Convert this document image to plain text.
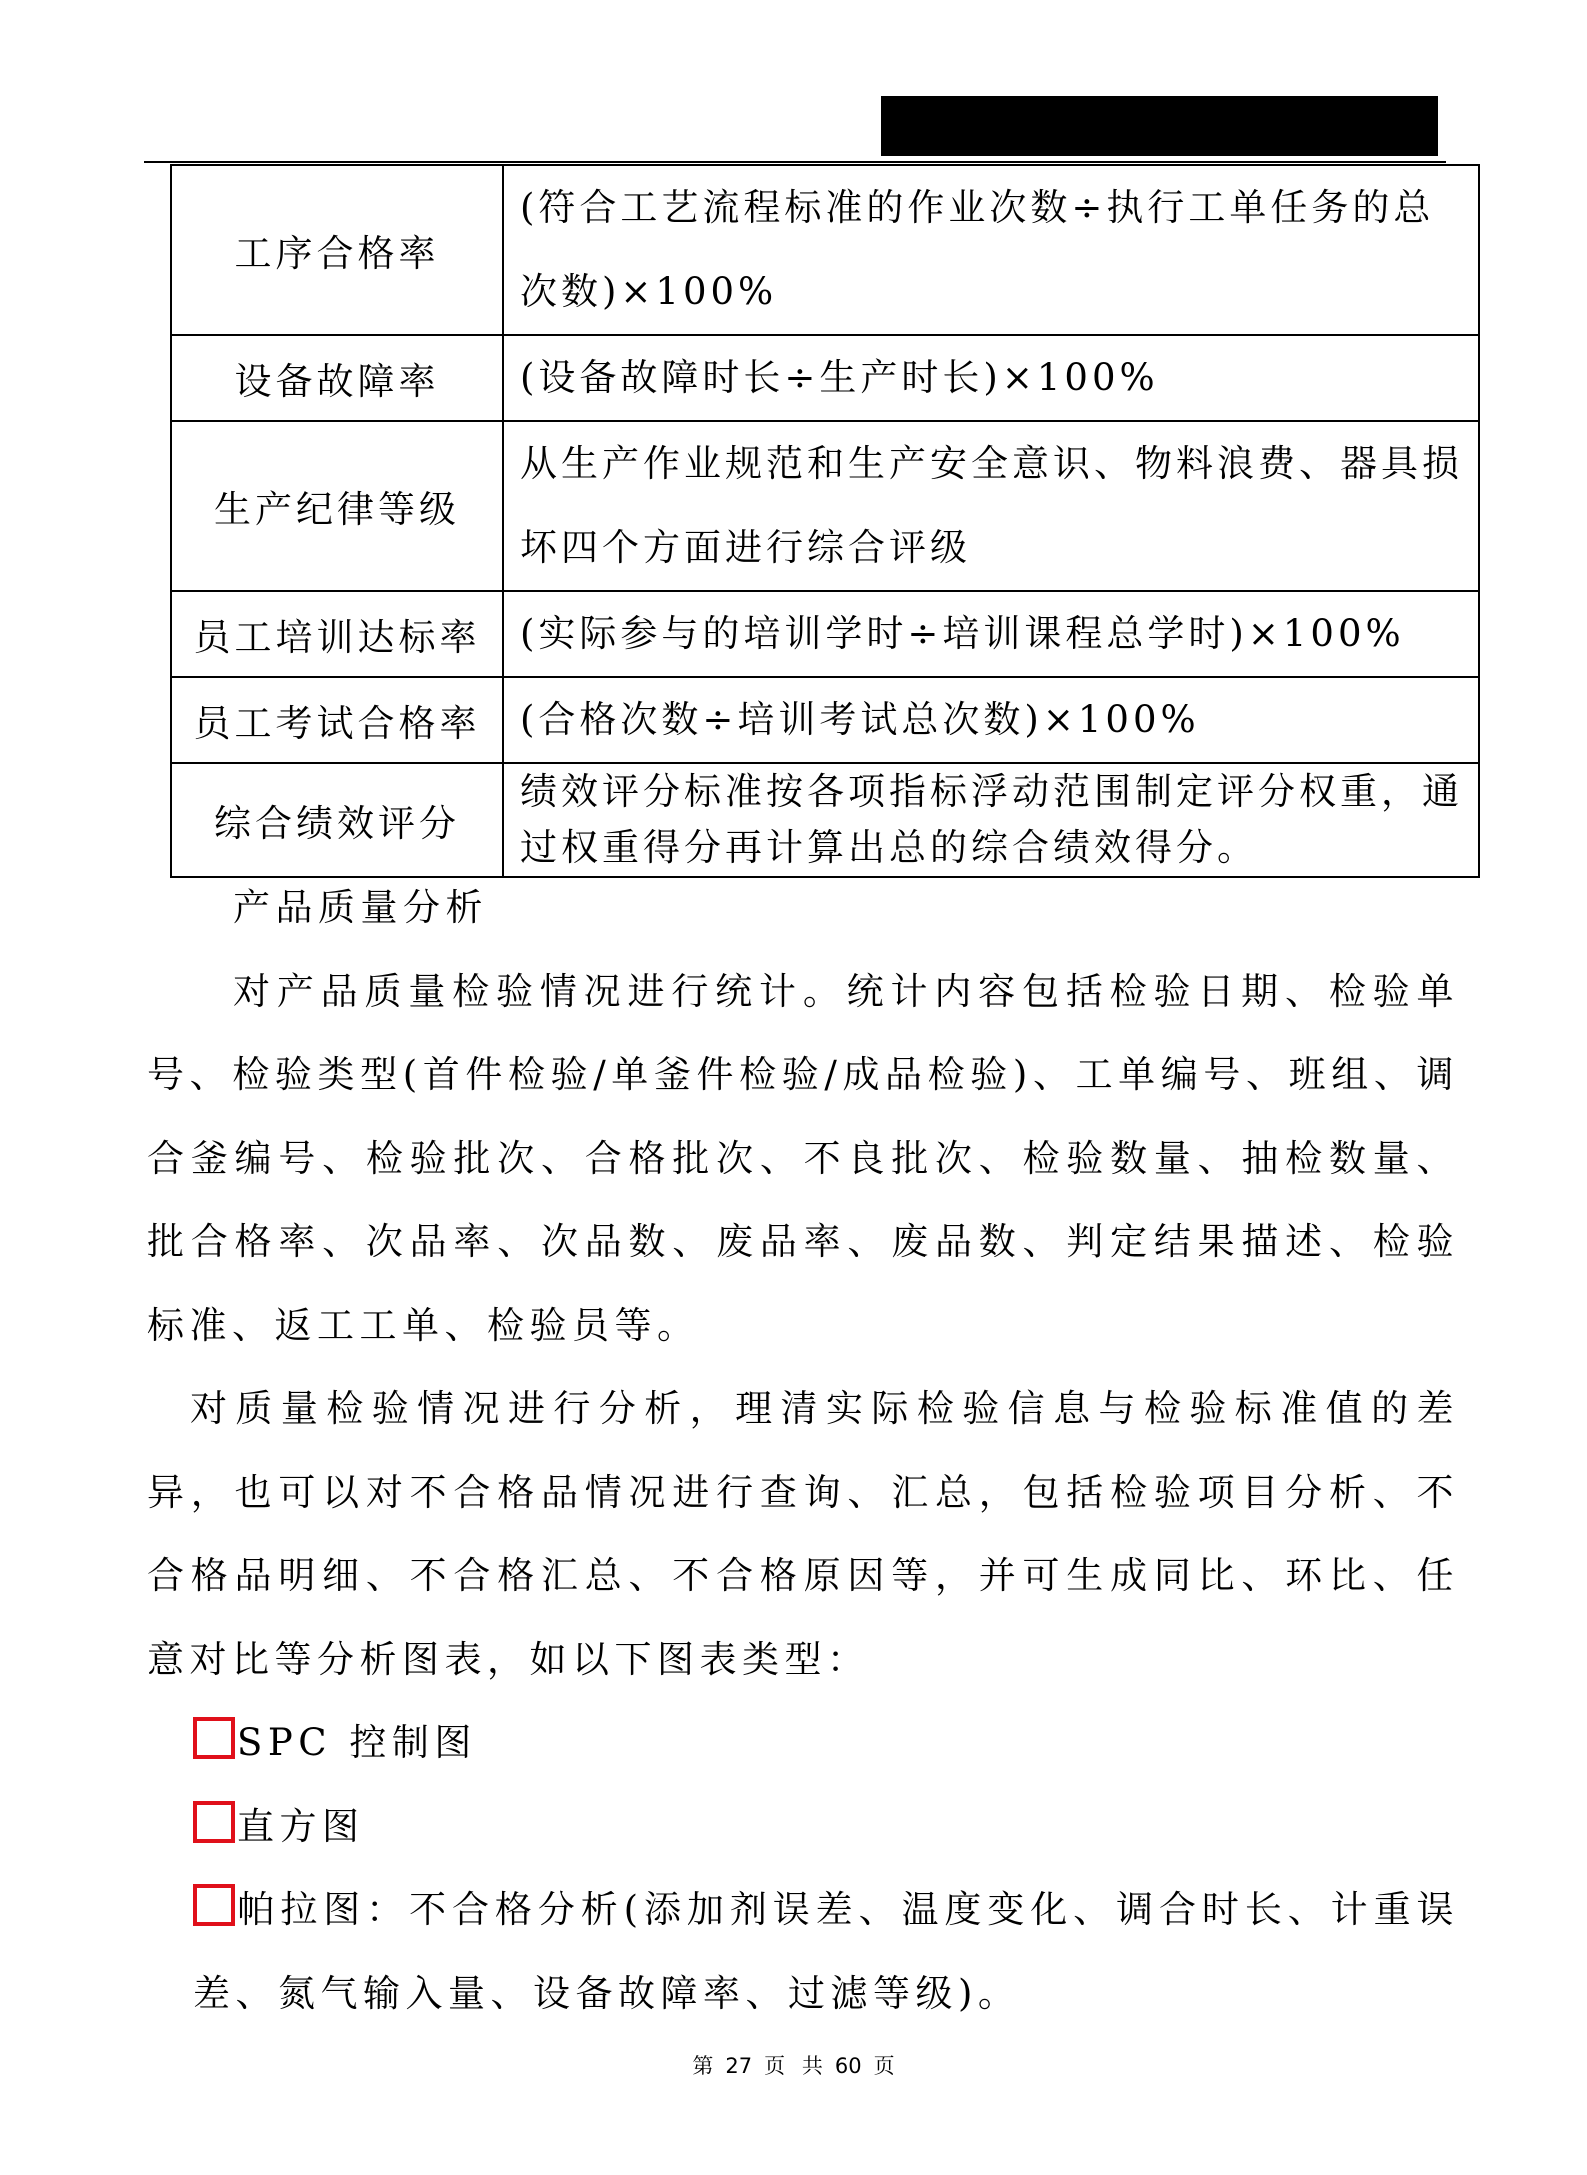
工序合格率	(符合工艺流程标准的作业次数÷执行工单任务的总次数)×100%
设备故障率	(设备故障时长÷生产时长)×100%
生产纪律等级	从生产作业规范和生产安全意识、物料浪费、器具损坏四个方面进行综合评级
员工培训达标率	(实际参与的培训学时÷培训课程总学时)×100%
员工考试合格率	(合格次数÷培训考试总次数)×100%
综合绩效评分	绩效评分标准按各项指标浮动范围制定评分权重，通过权重得分再计算出总的综合绩效得分。

产品质量分析

对产品质量检验情况进行统计。统计内容包括检验日期、检验单号、检验类型(首件检验/单釜件检验/成品检验)、工单编号、班组、调合釜编号、检验批次、合格批次、不良批次、检验数量、抽检数量、批合格率、次品率、次品数、废品率、废品数、判定结果描述、检验标准、返工工单、检验员等。

对质量检验情况进行分析，理清实际检验信息与检验标准值的差异，也可以对不合格品情况进行查询、汇总，包括检验项目分析、不合格品明细、不合格汇总、不合格原因等，并可生成同比、环比、任意对比等分析图表，如以下图表类型：

SPC 控制图

直方图

帕拉图：不合格分析(添加剂误差、温度变化、调合时长、计重误差、氮气输入量、设备故障率、过滤等级)。

第 27 页 共 60 页
